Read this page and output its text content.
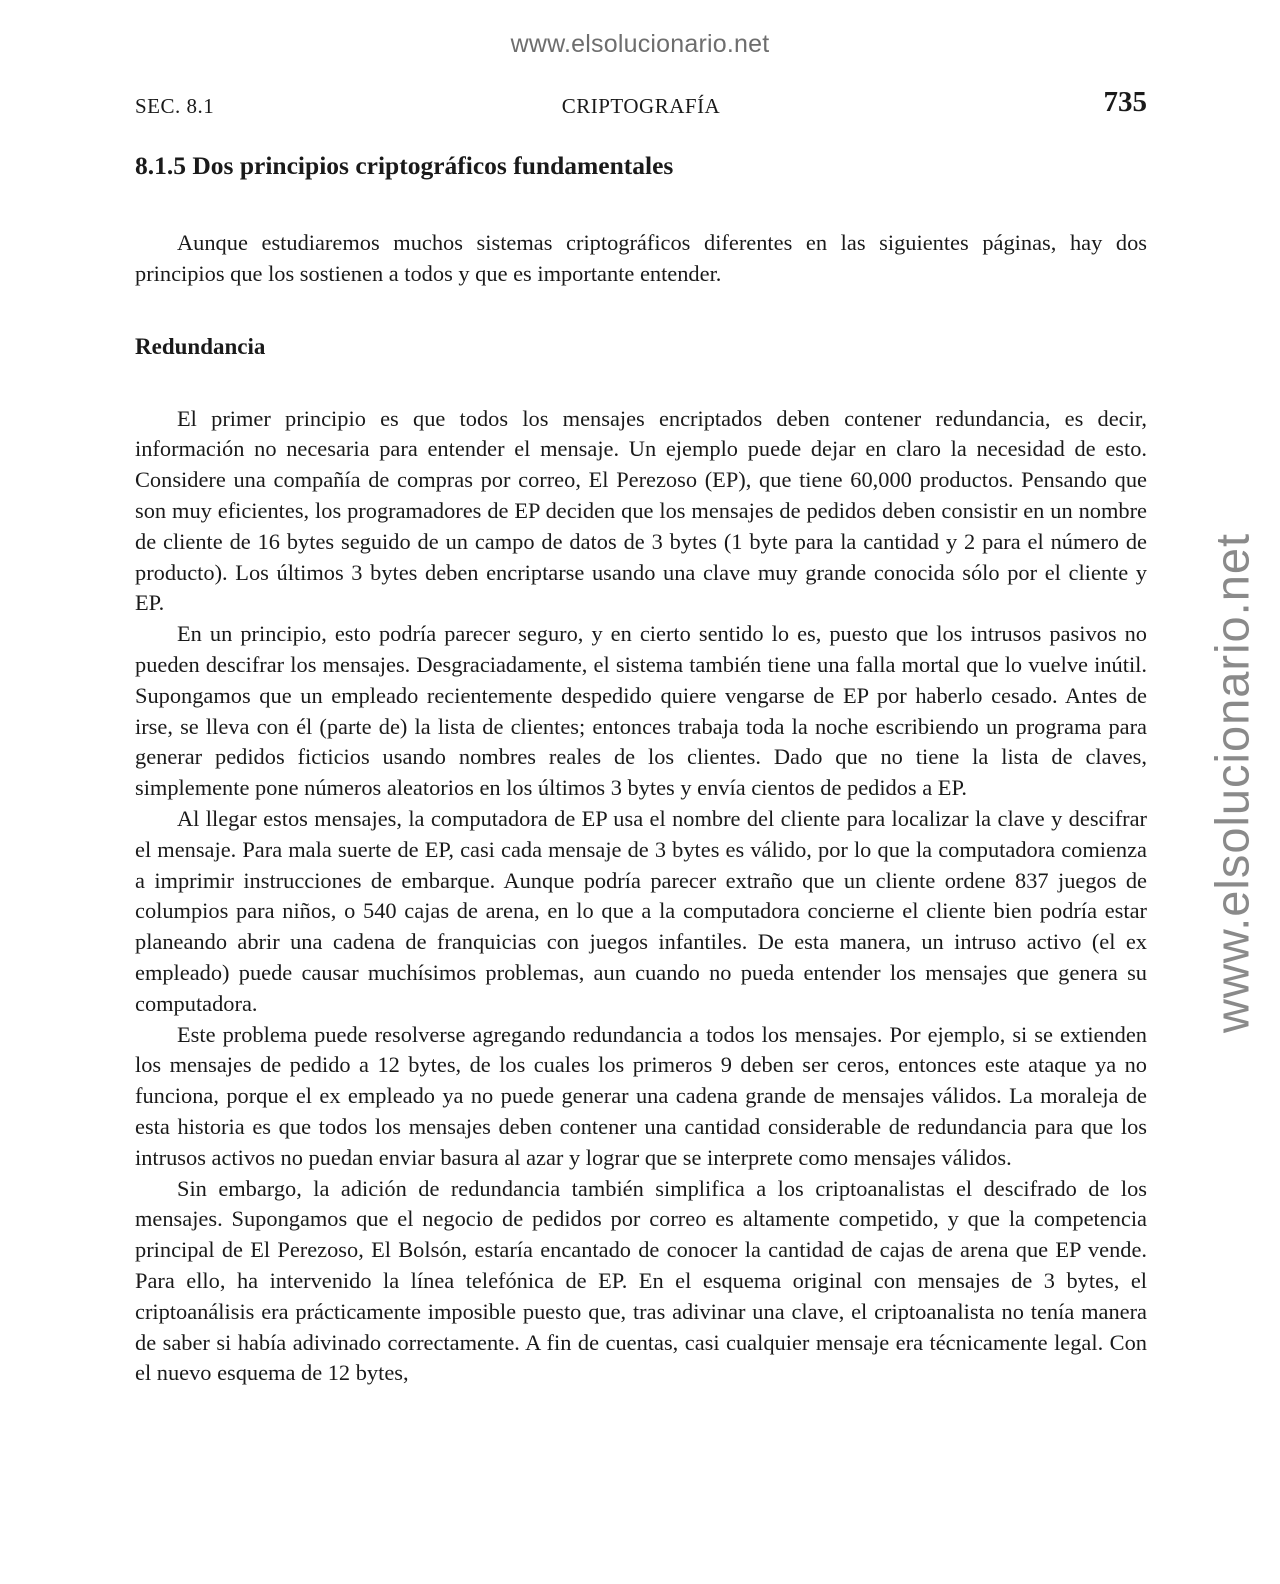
www.elsolucionario.net
www.elsolucionario.net
SEC. 8.1	CRIPTOGRAFÍA	735
8.1.5 Dos principios criptográficos fundamentales

Aunque estudiaremos muchos sistemas criptográficos diferentes en las siguientes páginas, hay dos principios que los sostienen a todos y que es importante entender.

Redundancia

El primer principio es que todos los mensajes encriptados deben contener redundancia, es decir, información no necesaria para entender el mensaje. Un ejemplo puede dejar en claro la necesidad de esto. Considere una compañía de compras por correo, El Perezoso (EP), que tiene 60,000 productos. Pensando que son muy eficientes, los programadores de EP deciden que los mensajes de pedidos deben consistir en un nombre de cliente de 16 bytes seguido de un campo de datos de 3 bytes (1 byte para la cantidad y 2 para el número de producto). Los últimos 3 bytes deben encriptarse usando una clave muy grande conocida sólo por el cliente y EP.

En un principio, esto podría parecer seguro, y en cierto sentido lo es, puesto que los intrusos pasivos no pueden descifrar los mensajes. Desgraciadamente, el sistema también tiene una falla mortal que lo vuelve inútil. Supongamos que un empleado recientemente despedido quiere vengarse de EP por haberlo cesado. Antes de irse, se lleva con él (parte de) la lista de clientes; entonces trabaja toda la noche escribiendo un programa para generar pedidos ficticios usando nombres reales de los clientes. Dado que no tiene la lista de claves, simplemente pone números aleatorios en los últimos 3 bytes y envía cientos de pedidos a EP.

Al llegar estos mensajes, la computadora de EP usa el nombre del cliente para localizar la clave y descifrar el mensaje. Para mala suerte de EP, casi cada mensaje de 3 bytes es válido, por lo que la computadora comienza a imprimir instrucciones de embarque. Aunque podría parecer extraño que un cliente ordene 837 juegos de columpios para niños, o 540 cajas de arena, en lo que a la computadora concierne el cliente bien podría estar planeando abrir una cadena de franquicias con juegos infantiles. De esta manera, un intruso activo (el ex empleado) puede causar muchísimos problemas, aun cuando no pueda entender los mensajes que genera su computadora.

Este problema puede resolverse agregando redundancia a todos los mensajes. Por ejemplo, si se extienden los mensajes de pedido a 12 bytes, de los cuales los primeros 9 deben ser ceros, entonces este ataque ya no funciona, porque el ex empleado ya no puede generar una cadena grande de mensajes válidos. La moraleja de esta historia es que todos los mensajes deben contener una cantidad considerable de redundancia para que los intrusos activos no puedan enviar basura al azar y lograr que se interprete como mensajes válidos.

Sin embargo, la adición de redundancia también simplifica a los criptoanalistas el descifrado de los mensajes. Supongamos que el negocio de pedidos por correo es altamente competido, y que la competencia principal de El Perezoso, El Bolsón, estaría encantado de conocer la cantidad de cajas de arena que EP vende. Para ello, ha intervenido la línea telefónica de EP. En el esquema original con mensajes de 3 bytes, el criptoanálisis era prácticamente imposible puesto que, tras adivinar una clave, el criptoanalista no tenía manera de saber si había adivinado correctamente. A fin de cuentas, casi cualquier mensaje era técnicamente legal. Con el nuevo esquema de 12 bytes,
